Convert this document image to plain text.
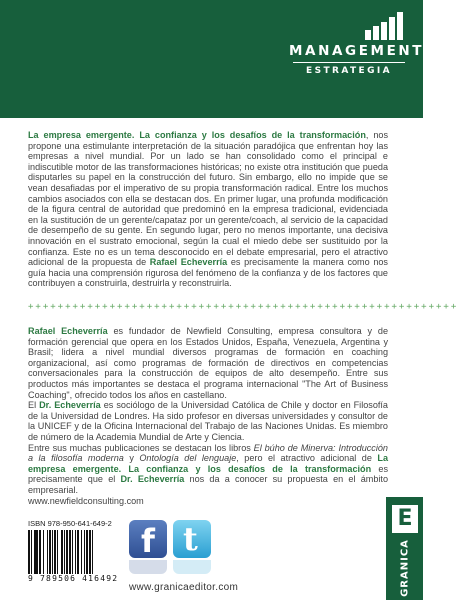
MANAGEMENT
ESTRATEGIA
La empresa emergente. La confianza y los desafíos de la transformación, nos propone una estimulante interpretación de la situación paradójica que enfrentan hoy las empresas a nivel mundial. Por un lado se han consolidado como el principal e indiscutible motor de las transformaciones históricas; no existe otra institución que pueda disputarles su papel en la construcción del futuro. Sin embargo, ello no impide que se vean desafiadas por el imperativo de su propia transformación radical. Entre los muchos cambios asociados con ella se destacan dos. En primer lugar, una profunda modificación de la figura central de autoridad que predominó en la empresa tradicional, evidenciada en la sustitución de un gerente/capataz por un gerente/coach, al servicio de la capacidad de desempeño de su gente. En segundo lugar, pero no menos importante, una decisiva innovación en el sustrato emocional, según la cual el miedo debe ser sustituido por la confianza. Este no es un tema desconocido en el debate empresarial, pero el atractivo adicional de la propuesta de Rafael Echeverría es precisamente la manera como nos guía hacia una comprensión rigurosa del fenómeno de la confianza y de los factores que contribuyen a construirla, destruirla y reconstruirla.
++++++++++++++++++++++++++++++++++++++++++++++++++++++++++
Rafael Echeverría es fundador de Newfield Consulting, empresa consultora y de formación gerencial que opera en los Estados Unidos, España, Venezuela, Argentina y Brasil; lidera a nivel mundial diversos programas de formación en coaching organizacional, así como programas de formación de directivos en competencias conversacionales para la construcción de equipos de alto desempeño. Entre sus productos más importantes se destaca el programa internacional "The Art of Business Coaching", ofrecido todos los años en castellano.
El Dr. Echeverría es sociólogo de la Universidad Católica de Chile y doctor en Filosofía de la Universidad de Londres. Ha sido profesor en diversas universidades y consultor de la UNICEF y de la Oficina Internacional del Trabajo de las Naciones Unidas. Es miembro de número de la Academia Mundial de Arte y Ciencia.
Entre sus muchas publicaciones se destacan los libros El búho de Minerva: Introducción a la filosofía moderna y Ontología del lenguaje, pero el atractivo adicional de La empresa emergente. La confianza y los desafíos de la transformación es precisamente que el Dr. Echeverría nos da a conocer su propuesta en el ámbito empresarial.
www.newfieldconsulting.com
ISBN 978-950-641-649-2
9 789506 416492
f t
www.granicaeditor.com
E
GRANICA
